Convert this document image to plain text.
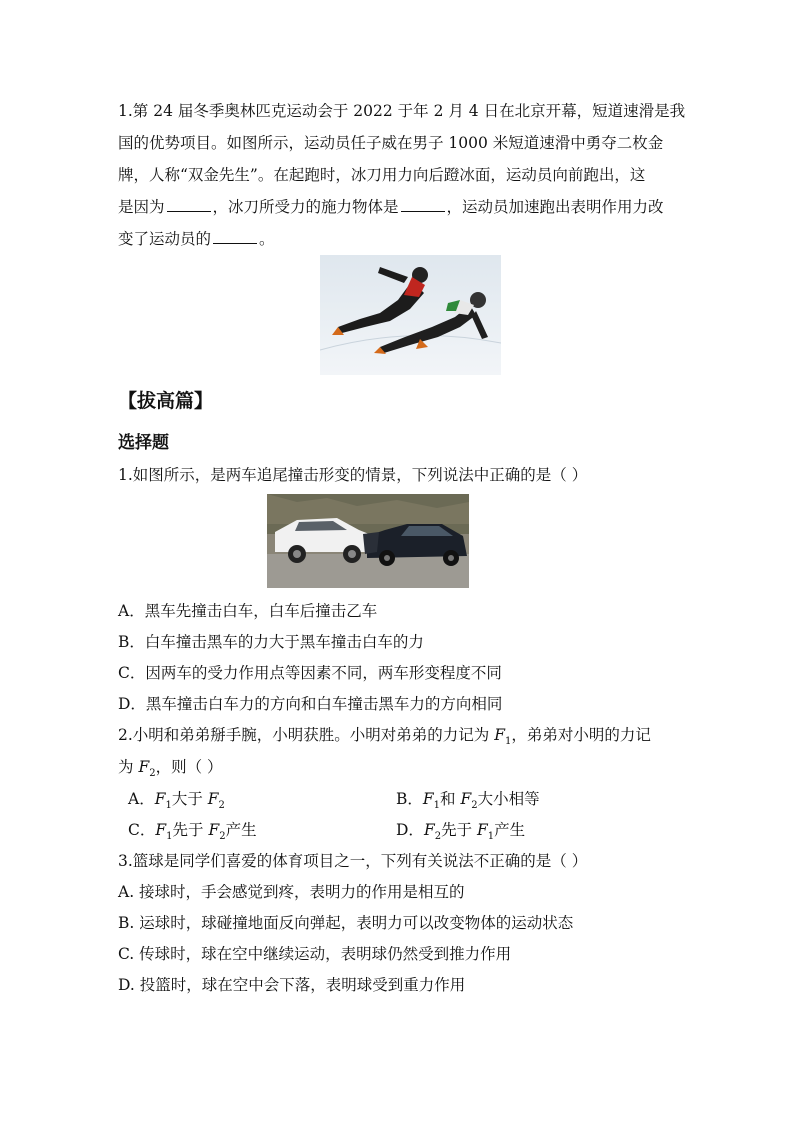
1.第 24 届冬季奥林匹克运动会于 2022 于年 2 月 4 日在北京开幕，短道速滑是我
国的优势项目。如图所示，运动员任子威在男子 1000 米短道速滑中勇夺二枚金
牌，人称“双金先生”。在起跑时，冰刀用力向后蹬冰面，运动员向前跑出，这
是因为	，冰刀所受力的施力物体是	，运动员加速跑出表明作用力改
变了运动员的	。
【拔高篇】
选择题
1.如图所示，是两车追尾撞击形变的情景，下列说法中正确的是（ ）
A．黑车先撞击白车，白车后撞击乙车
B．白车撞击黑车的力大于黑车撞击白车的力
C．因两车的受力作用点等因素不同，两车形变程度不同
D．黑车撞击白车力的方向和白车撞击黑车力的方向相同
2.小明和弟弟掰手腕，小明获胜。小明对弟弟的力记为 $F_1$，弟弟对小明的力记
为 $F_2$，则（ ）
A．$F_1$大于 $F_2$	B．$F_1$和 $F_2$大小相等
C．$F_1$先于 $F_2$产生	D．$F_2$先于 $F_1$产生
3.篮球是同学们喜爱的体育项目之一，下列有关说法不正确的是（ ）
A. 接球时，手会感觉到疼，表明力的作用是相互的
B. 运球时，球碰撞地面反向弹起，表明力可以改变物体的运动状态
C. 传球时，球在空中继续运动，表明球仍然受到推力作用
D. 投篮时，球在空中会下落，表明球受到重力作用
